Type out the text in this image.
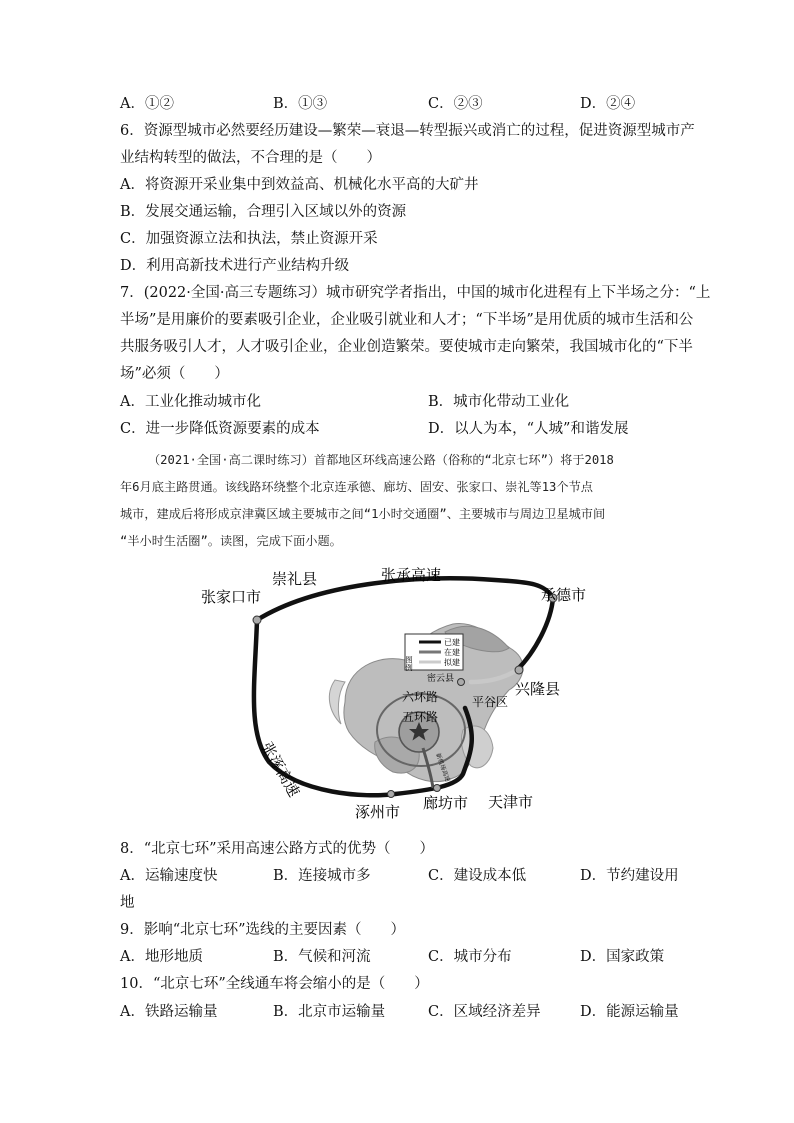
A．①②	B．①③	C．②③	D．②④
6．资源型城市必然要经历建设—繁荣—衰退—转型振兴或消亡的过程，促进资源型城市产
业结构转型的做法，不合理的是（　　）
A．将资源开采业集中到效益高、机械化水平高的大矿井
B．发展交通运输，合理引入区域以外的资源
C．加强资源立法和执法，禁止资源开采
D．利用高新技术进行产业结构升级
7．(2022·全国·高三专题练习）城市研究学者指出，中国的城市化进程有上下半场之分：“上
半场”是用廉价的要素吸引企业，企业吸引就业和人才；“下半场”是用优质的城市生活和公
共服务吸引人才，人才吸引企业，企业创造繁荣。要使城市走向繁荣，我国城市化的“下半
场”必须（　　）
A．工业化推动城市化	B．城市化带动工业化
C．进一步降低资源要素的成本	D．以人为本，“人城”和谐发展
（2021·全国·高二课时练习）首都地区环线高速公路（俗称的“北京七环”）将于2018
年6月底主路贯通。该线路环绕整个北京连承德、廊坊、固安、张家口、崇礼等13个节点
城市，建成后将形成京津冀区域主要城市之间“1小时交通圈”、主要城市与周边卫星城市间
“半小时生活圈”。读图，完成下面小题。
图例
已建
在建
拟建
崇礼县	张承高速
张家口市	承德市
兴隆县
密云县
平谷区
六环路
五环路
张涿高速
涿州市 廊坊市 天津市
新机场高速
8．“北京七环”采用高速公路方式的优势（　　）
A．运输速度快	B．连接城市多	C．建设成本低	D．节约建设用
地
9．影响“北京七环”选线的主要因素（　　）
A．地形地质	B．气候和河流	C．城市分布	D．国家政策
10．“北京七环”全线通车将会缩小的是（　　）
A．铁路运输量	B．北京市运输量	C．区域经济差异	D．能源运输量
